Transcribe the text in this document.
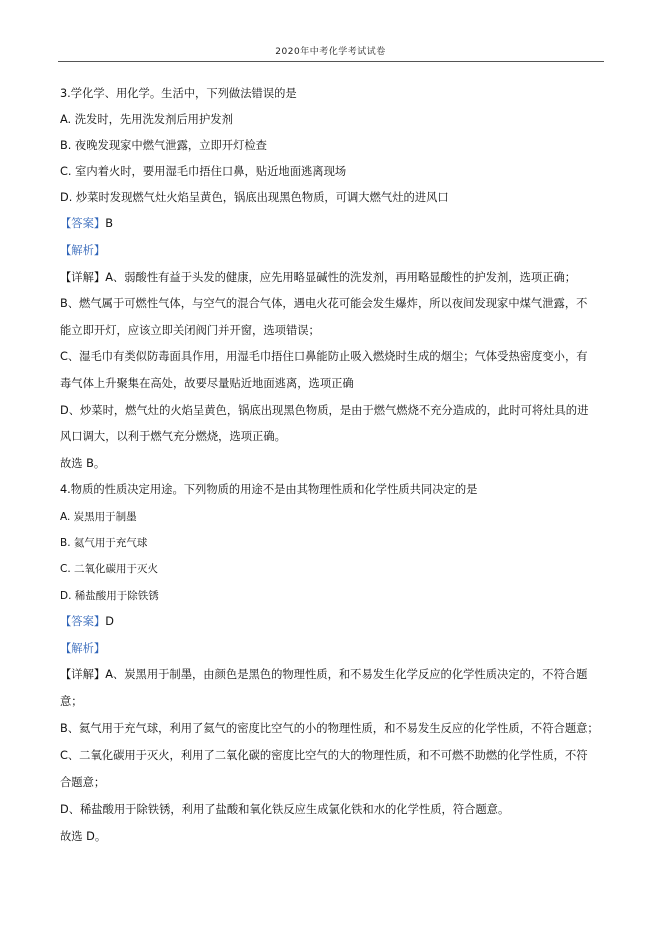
2020年中考化学考试试卷
3.学化学、用化学。生活中，下列做法错误的是
A. 洗发时，先用洗发剂后用护发剂
B. 夜晚发现家中燃气泄露，立即开灯检查
C. 室内着火时，要用湿毛巾捂住口鼻，贴近地面逃离现场
D. 炒菜时发现燃气灶火焰呈黄色，锅底出现黑色物质，可调大燃气灶的进风口
【答案】B
【解析】
【详解】A、弱酸性有益于头发的健康，应先用略显碱性的洗发剂，再用略显酸性的护发剂，选项正确；
B、燃气属于可燃性气体，与空气的混合气体，遇电火花可能会发生爆炸，所以夜间发现家中煤气泄露，不
能立即开灯，应该立即关闭阀门并开窗，选项错误；
C、湿毛巾有类似防毒面具作用，用湿毛巾捂住口鼻能防止吸入燃烧时生成的烟尘；气体受热密度变小，有
毒气体上升聚集在高处，故要尽量贴近地面逃离，选项正确
D、炒菜时，燃气灶的火焰呈黄色，锅底出现黑色物质，是由于燃气燃烧不充分造成的，此时可将灶具的进
风口调大，以利于燃气充分燃烧，选项正确。
故选 B。
4.物质的性质决定用途。下列物质的用途不是由其物理性质和化学性质共同决定的是
A. 炭黑用于制墨
B. 氦气用于充气球
C. 二氧化碳用于灭火
D. 稀盐酸用于除铁锈
【答案】D
【解析】
【详解】A、炭黑用于制墨，由颜色是黑色的物理性质，和不易发生化学反应的化学性质决定的，不符合题
意；
B、氦气用于充气球，利用了氦气的密度比空气的小的物理性质，和不易发生反应的化学性质，不符合题意；
C、二氧化碳用于灭火，利用了二氧化碳的密度比空气的大的物理性质，和不可燃不助燃的化学性质，不符
合题意；
D、稀盐酸用于除铁锈，利用了盐酸和氧化铁反应生成氯化铁和水的化学性质，符合题意。
故选 D。
